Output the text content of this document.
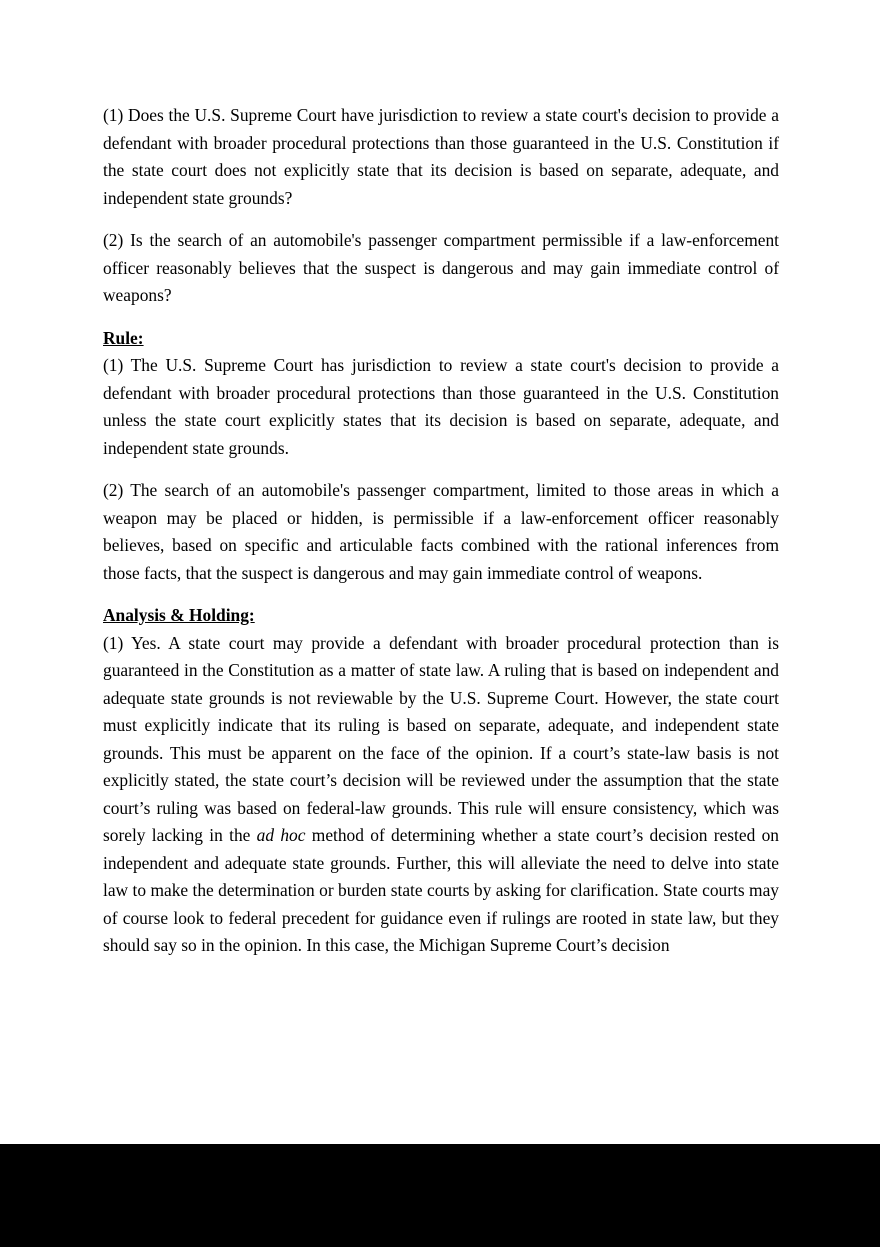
(1) Does the U.S. Supreme Court have jurisdiction to review a state court's decision to provide a defendant with broader procedural protections than those guaranteed in the U.S. Constitution if the state court does not explicitly state that its decision is based on separate, adequate, and independent state grounds?

(2) Is the search of an automobile's passenger compartment permissible if a law-enforcement officer reasonably believes that the suspect is dangerous and may gain immediate control of weapons?

Rule:

(1) The U.S. Supreme Court has jurisdiction to review a state court's decision to provide a defendant with broader procedural protections than those guaranteed in the U.S. Constitution unless the state court explicitly states that its decision is based on separate, adequate, and independent state grounds.

(2) The search of an automobile's passenger compartment, limited to those areas in which a weapon may be placed or hidden, is permissible if a law-enforcement officer reasonably believes, based on specific and articulable facts combined with the rational inferences from those facts, that the suspect is dangerous and may gain immediate control of weapons.

Analysis & Holding:

(1) Yes. A state court may provide a defendant with broader procedural protection than is guaranteed in the Constitution as a matter of state law. A ruling that is based on independent and adequate state grounds is not reviewable by the U.S. Supreme Court. However, the state court must explicitly indicate that its ruling is based on separate, adequate, and independent state grounds. This must be apparent on the face of the opinion. If a court’s state-law basis is not explicitly stated, the state court’s decision will be reviewed under the assumption that the state court’s ruling was based on federal-law grounds. This rule will ensure consistency, which was sorely lacking in the ad hoc method of determining whether a state court’s decision rested on independent and adequate state grounds. Further, this will alleviate the need to delve into state law to make the determination or burden state courts by asking for clarification. State courts may of course look to federal precedent for guidance even if rulings are rooted in state law, but they should say so in the opinion. In this case, the Michigan Supreme Court’s decision
